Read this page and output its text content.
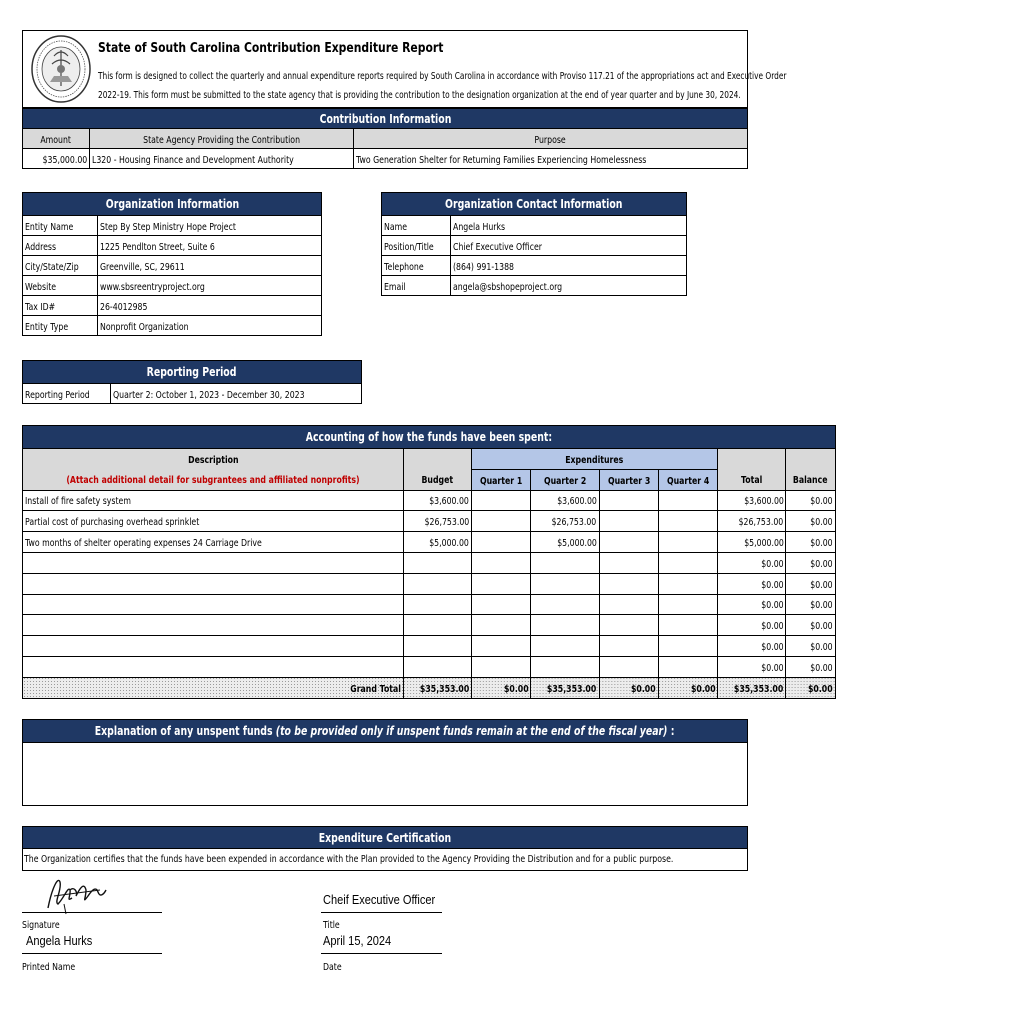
State of South Carolina Contribution Expenditure Report
This form is designed to collect the quarterly and annual expenditure reports required by South Carolina in accordance with Proviso 117.21 of the appropriations act and Executive Order
2022-19. This form must be submitted to the state agency that is providing the contribution to the designation organization at the end of year quarter and by June 30, 2024.
Contribution Information		
Amount	State Agency Providing the Contribution	Purpose
$35,000.00	L320 - Housing Finance and Development Authority	Two Generation Shelter for Returning Families Experiencing Homelessness
Organization Information	
Entity Name	Step By Step Ministry Hope Project
Address	1225 Pendlton Street, Suite 6
City/State/Zip	Greenville, SC, 29611
Website	www.sbsreentryproject.org
Tax ID#	26-4012985
Entity Type	Nonprofit Organization
Organization Contact Information	
Name	Angela Hurks
Position/Title	Chief Executive Officer
Telephone	(864) 991-1388
Email	angela@sbshopeproject.org
Reporting Period
Reporting Period	Quarter 2: October 1, 2023 - December 30, 2023
Accounting of how the funds have been spent:							
Description		Expenditures					
(Attach additional detail for subgrantees and affiliated nonprofits)	Budget	Quarter 1	Quarter 2	Quarter 3	Quarter 4	Total	Balance
Install of fire safety system	$3,600.00		$3,600.00			$3,600.00	$0.00
Partial cost of purchasing overhead sprinklet	$26,753.00		$26,753.00			$26,753.00	$0.00
Two months of shelter operating expenses 24 Carriage Drive	$5,000.00		$5,000.00			$5,000.00	$0.00
						$0.00	$0.00
						$0.00	$0.00
						$0.00	$0.00
						$0.00	$0.00
						$0.00	$0.00
						$0.00	$0.00
Grand Total	$35,353.00	$0.00	$35,353.00	$0.00	$0.00	$35,353.00	$0.00
Explanation of any unspent funds (to be provided only if unspent funds remain at the end of the fiscal year) :
Expenditure Certification
The Organization certifies that the funds have been expended in accordance with the Plan provided to the Agency Providing the Distribution and for a public purpose.
Signature
Angela Hurks
Printed Name
Cheif Executive Officer
Title
April 15, 2024
Date
